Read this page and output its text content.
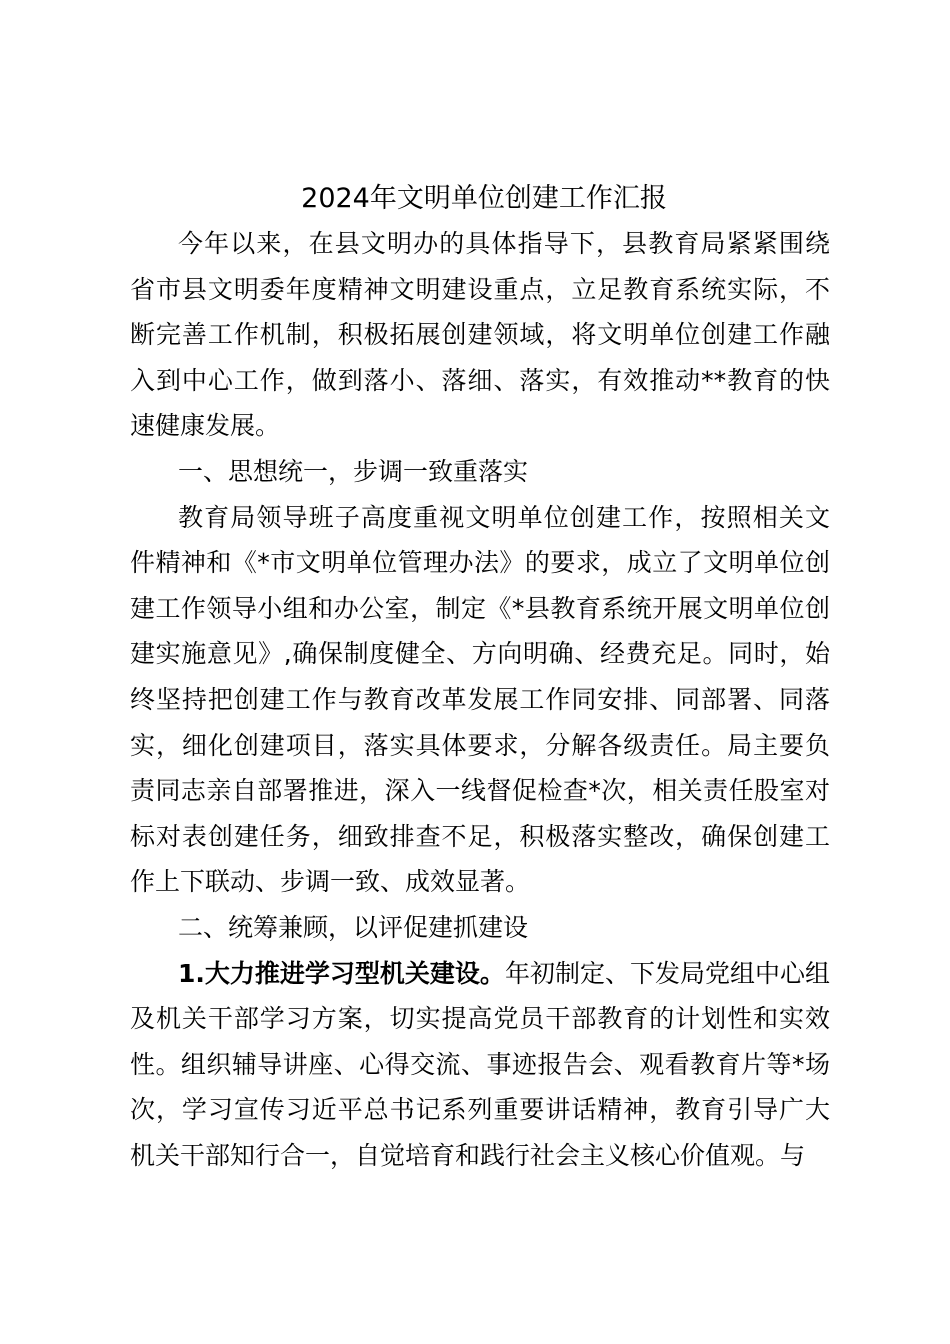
2024年文明单位创建工作汇报
今年以来，在县文明办的具体指导下，县教育局紧紧围绕
省市县文明委年度精神文明建设重点，立足教育系统实际，不
断完善工作机制，积极拓展创建领域，将文明单位创建工作融
入到中心工作，做到落小、落细、落实，有效推动**教育的快
速健康发展。
一、思想统一，步调一致重落实
教育局领导班子高度重视文明单位创建工作，按照相关文
件精神和《*市文明单位管理办法》的要求，成立了文明单位创
建工作领导小组和办公室，制定《*县教育系统开展文明单位创
建实施意见》,确保制度健全、方向明确、经费充足。同时，始
终坚持把创建工作与教育改革发展工作同安排、同部署、同落
实，细化创建项目，落实具体要求，分解各级责任。局主要负
责同志亲自部署推进，深入一线督促检查*次，相关责任股室对
标对表创建任务，细致排查不足，积极落实整改，确保创建工
作上下联动、步调一致、成效显著。
二、统筹兼顾，以评促建抓建设
1.大力推进学习型机关建设。年初制定、下发局党组中心组
及机关干部学习方案，切实提高党员干部教育的计划性和实效
性。组织辅导讲座、心得交流、事迹报告会、观看教育片等*场
次，学习宣传习近平总书记系列重要讲话精神，教育引导广大
机关干部知行合一，自觉培育和践行社会主义核心价值观。与
